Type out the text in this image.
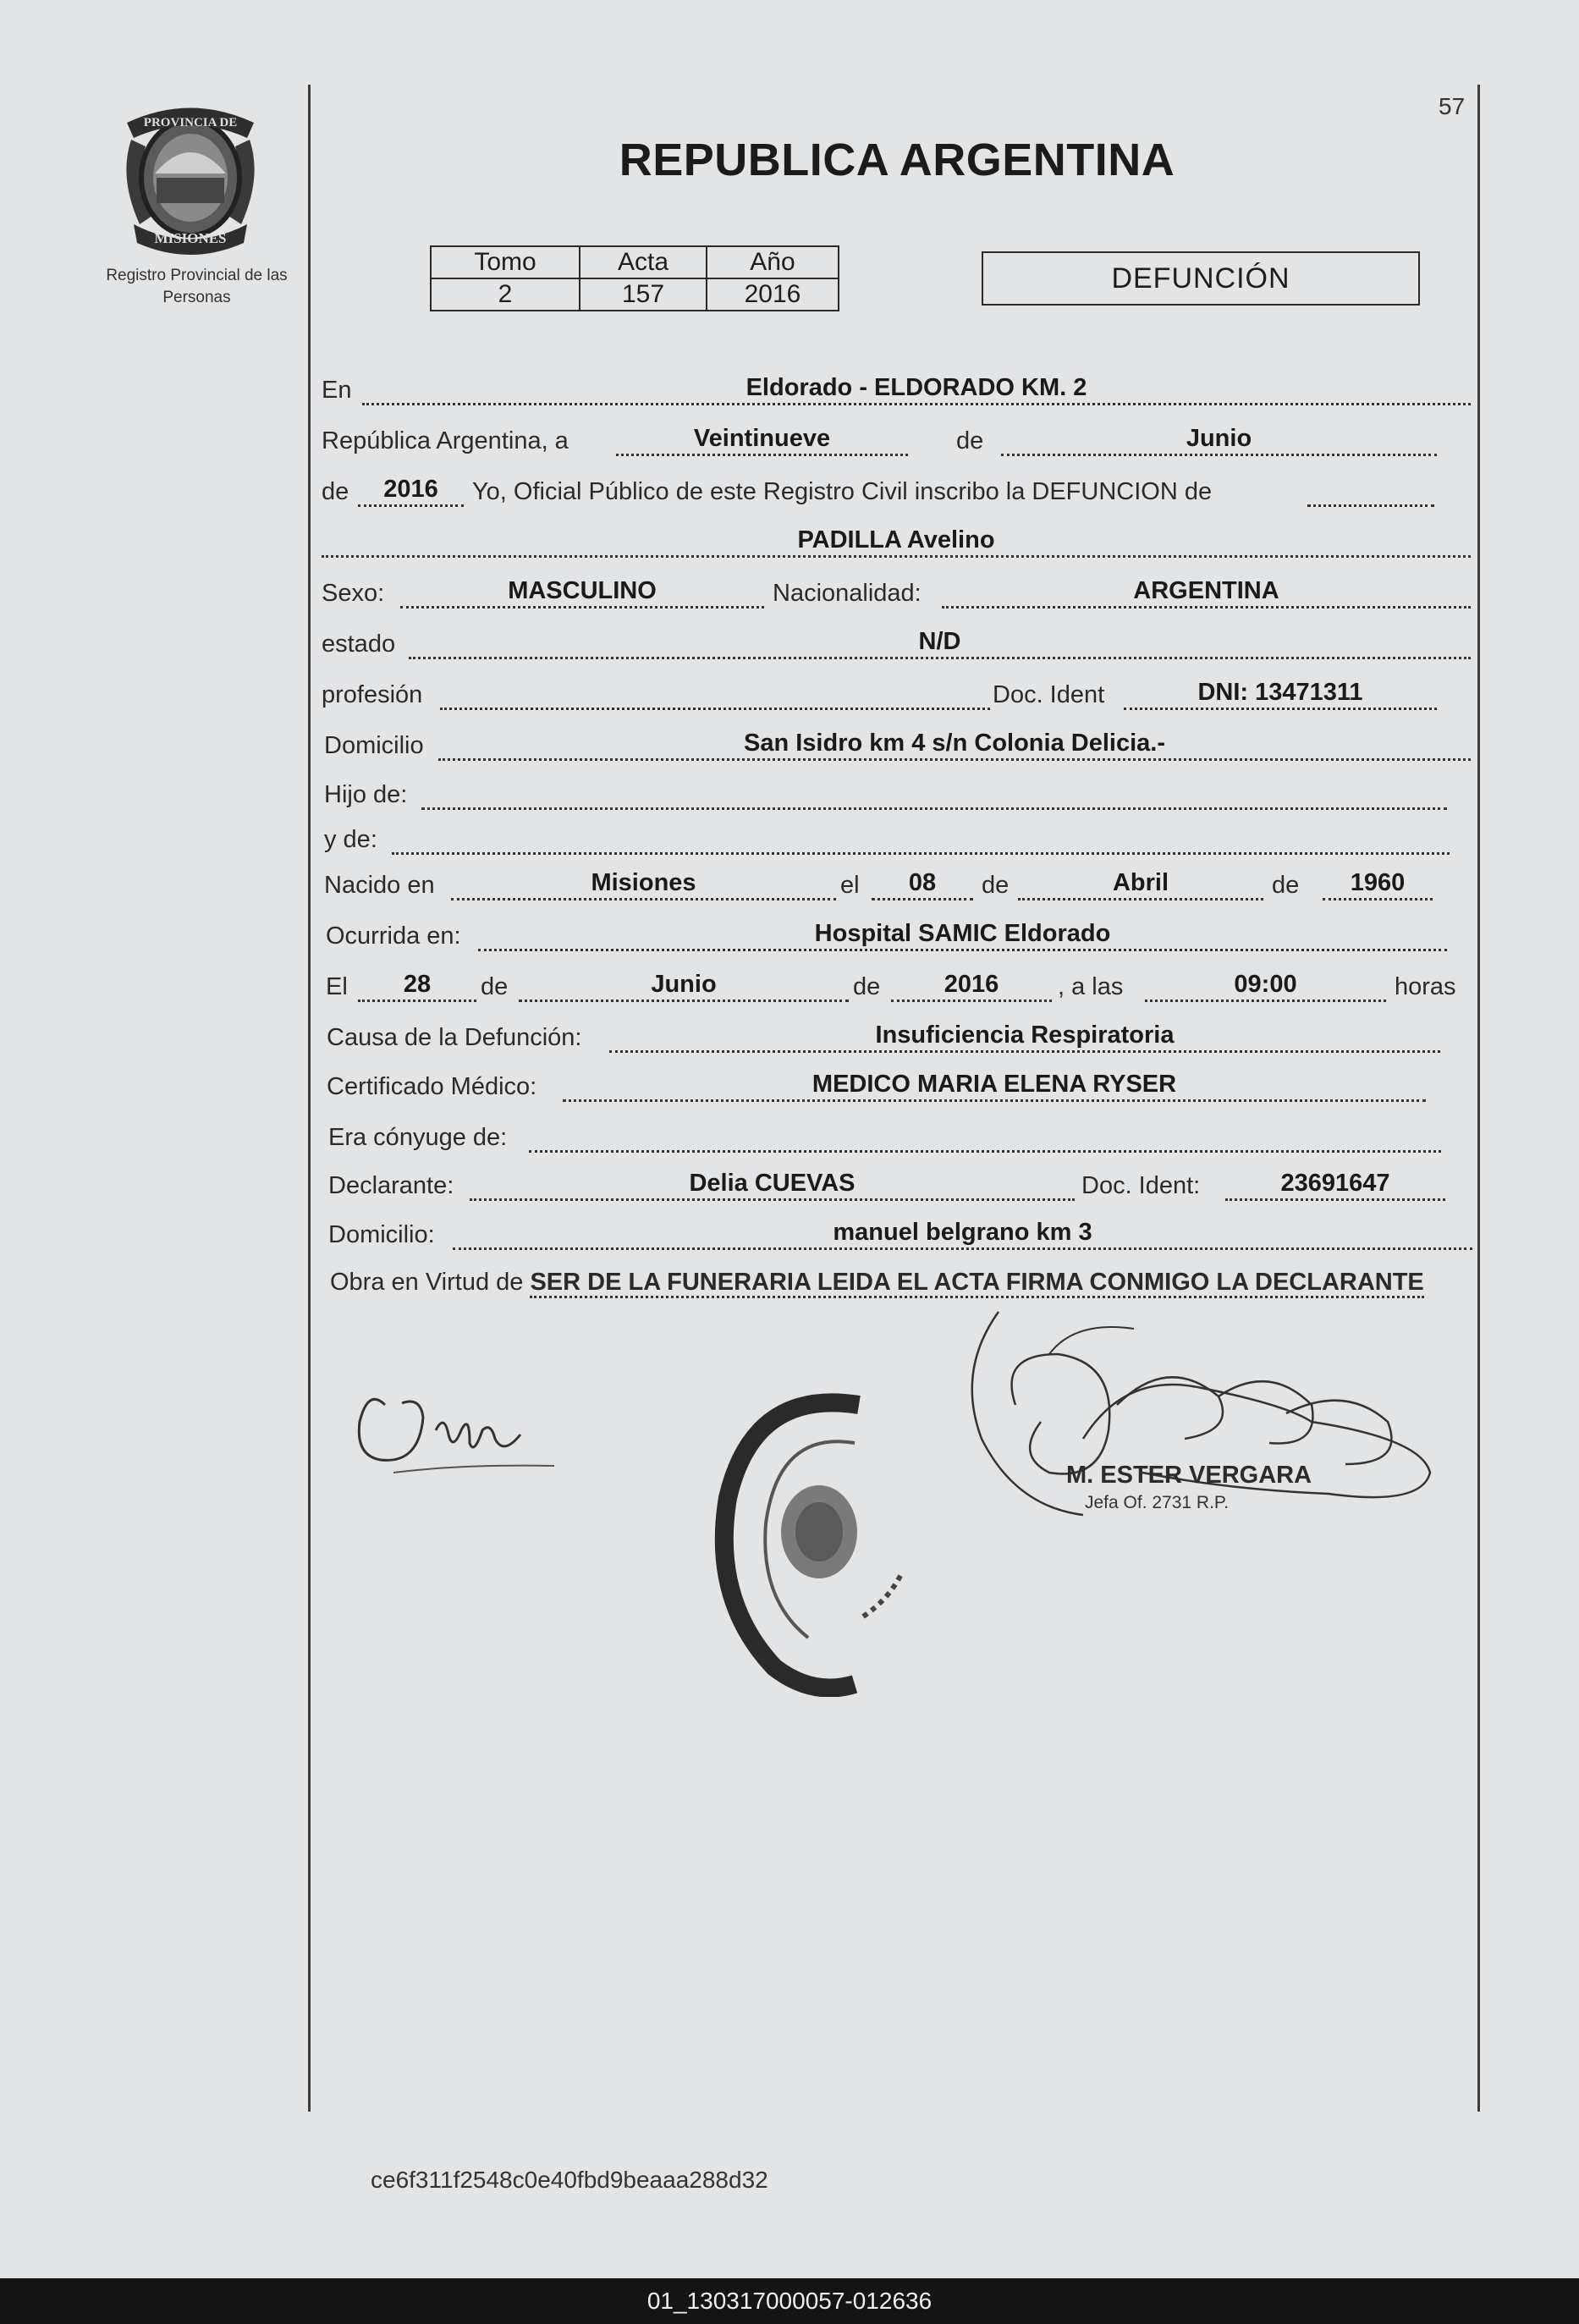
PROVINCIA DE
MISIONES
Registro Provincial de las Personas
57
REPUBLICA ARGENTINA
Tomo	Acta	Año
2	157	2016	DEFUNCIÓN
En	Eldorado - ELDORADO KM. 2
República Argentina, a	Veintinueve	de	Junio
de	2016	Yo, Oficial Público de este Registro Civil inscribo la DEFUNCION de
PADILLA Avelino
Sexo:	MASCULINO	Nacionalidad:	ARGENTINA
estado	N/D
profesión	Doc. Ident	DNI: 13471311
Domicilio	San Isidro km 4 s/n Colonia Delicia.-
Hijo de:
y de:
Nacido en	Misiones	el	08	de	Abril	de	1960
Ocurrida en:	Hospital SAMIC Eldorado
El	28	de	Junio	de	2016	, a las	09:00	horas
Causa de la Defunción:	Insuficiencia Respiratoria
Certificado Médico:	MEDICO MARIA ELENA RYSER
Era cónyuge de:
Declarante:	Delia CUEVAS	Doc. Ident:	23691647
Domicilio:	manuel belgrano km 3
Obra en Virtud de SER DE LA FUNERARIA LEIDA EL ACTA FIRMA CONMIGO LA DECLARANTE
M. ESTER VERGARA
Jefa Of. 2731 R.P.
ce6f311f2548c0e40fbd9beaaa288d32
01_130317000057-012636
